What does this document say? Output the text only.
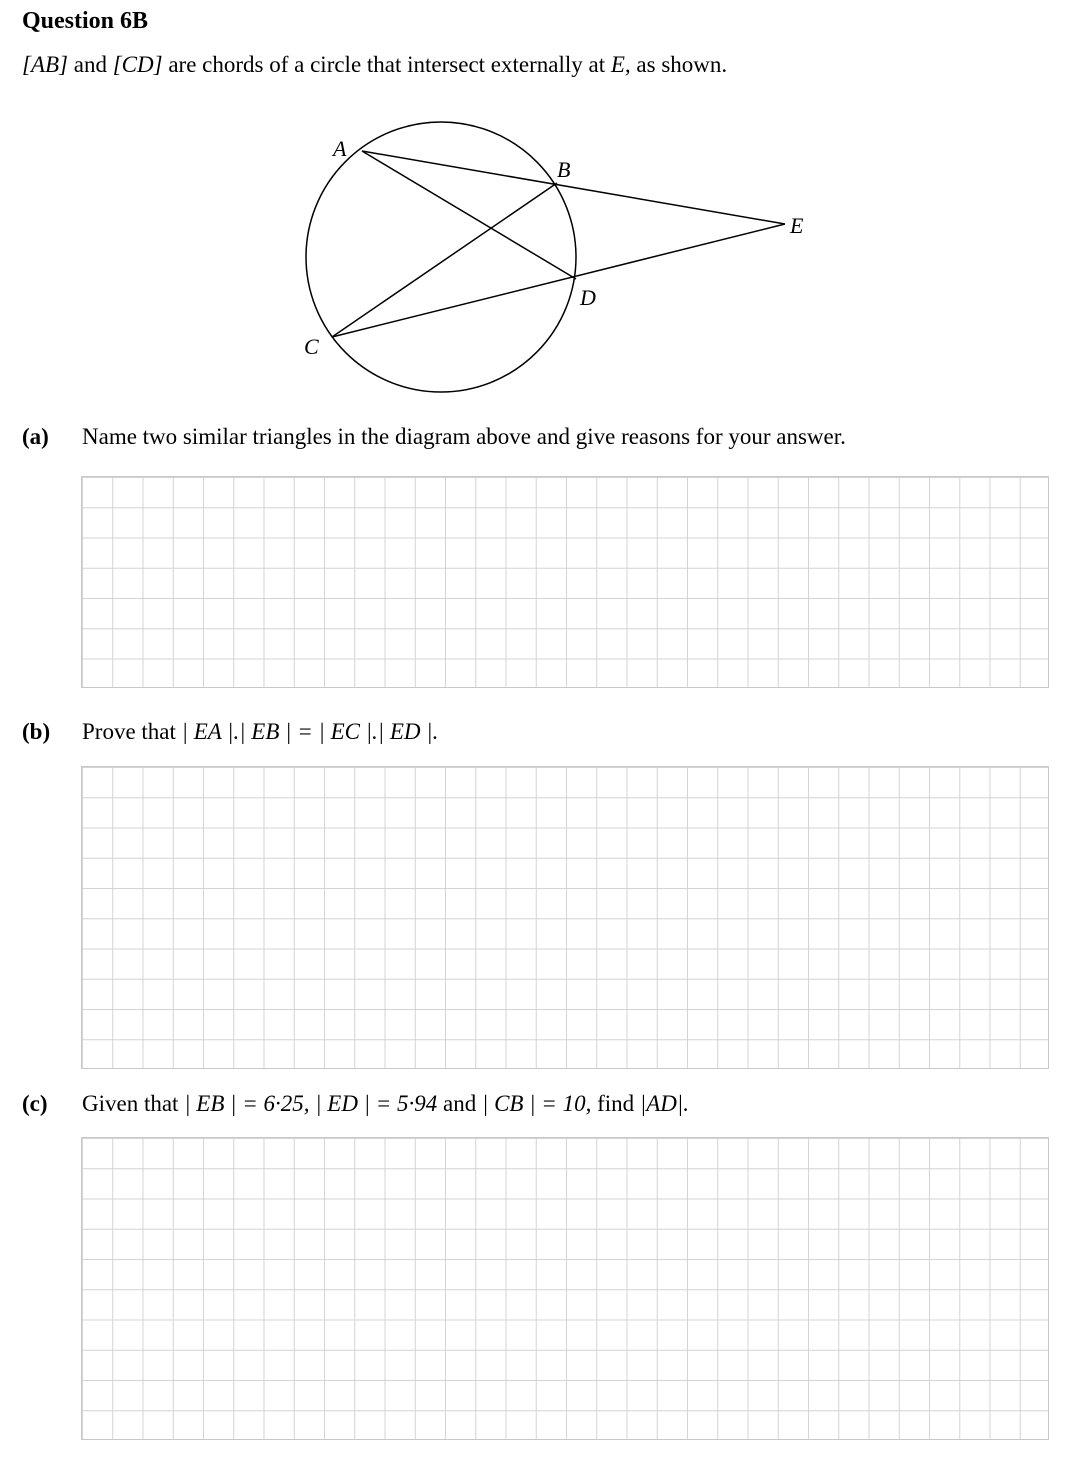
Question 6B
[AB] and [CD] are chords of a circle that intersect externally at E, as shown.
A
B
E
D
C
(a) Name two similar triangles in the diagram above and give reasons for your answer.
(b) Prove that | EA |.| EB | = | EC |.| ED |.
(c) Given that | EB | = 6·25, | ED | = 5·94 and | CB | = 10, find |AD|.
